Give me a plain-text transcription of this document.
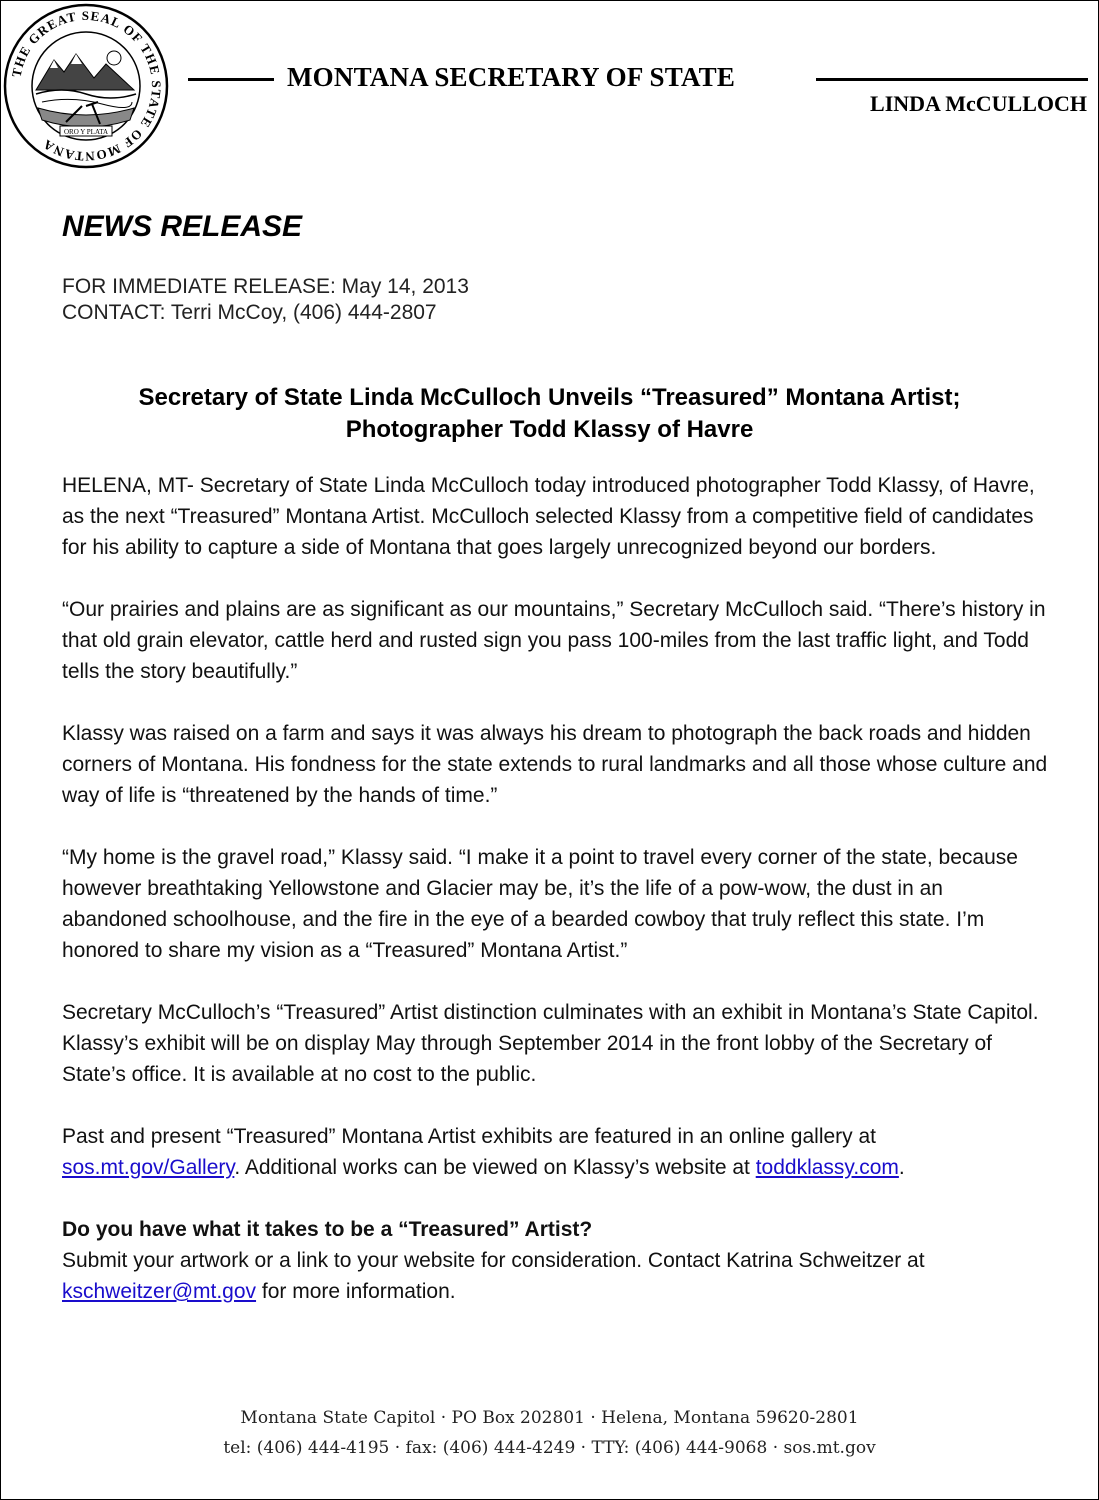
THE GREAT SEAL OF THE STATE OF MONTANA
ORO Y PLATA
MONTANA SECRETARY OF STATE
LINDA McCULLOCH
NEWS RELEASE
FOR IMMEDIATE RELEASE: May 14, 2013
CONTACT: Terri McCoy, (406) 444-2807
Secretary of State Linda McCulloch Unveils “Treasured” Montana Artist;
Photographer Todd Klassy of Havre

HELENA, MT- Secretary of State Linda McCulloch today introduced photographer Todd Klassy, of Havre, as the next “Treasured” Montana Artist. McCulloch selected Klassy from a competitive field of candidates for his ability to capture a side of Montana that goes largely unrecognized beyond our borders.

“Our prairies and plains are as significant as our mountains,” Secretary McCulloch said. “There’s history in that old grain elevator, cattle herd and rusted sign you pass 100-miles from the last traffic light, and Todd tells the story beautifully.”

Klassy was raised on a farm and says it was always his dream to photograph the back roads and hidden corners of Montana. His fondness for the state extends to rural landmarks and all those whose culture and way of life is “threatened by the hands of time.”

“My home is the gravel road,” Klassy said. “I make it a point to travel every corner of the state, because however breathtaking Yellowstone and Glacier may be, it’s the life of a pow-wow, the dust in an abandoned schoolhouse, and the fire in the eye of a bearded cowboy that truly reflect this state. I’m honored to share my vision as a “Treasured” Montana Artist.”

Secretary McCulloch’s “Treasured” Artist distinction culminates with an exhibit in Montana’s State Capitol. Klassy’s exhibit will be on display May through September 2014 in the front lobby of the Secretary of State’s office. It is available at no cost to the public.

Past and present “Treasured” Montana Artist exhibits are featured in an online gallery at sos.mt.gov/Gallery. Additional works can be viewed on Klassy’s website at toddklassy.com.

Do you have what it takes to be a “Treasured” Artist?
Submit your artwork or a link to your website for consideration. Contact Katrina Schweitzer at kschweitzer@mt.gov for more information.
Montana State Capitol · PO Box 202801 · Helena, Montana 59620-2801
tel: (406) 444-4195 · fax: (406) 444-4249 · TTY: (406) 444-9068 · sos.mt.gov
